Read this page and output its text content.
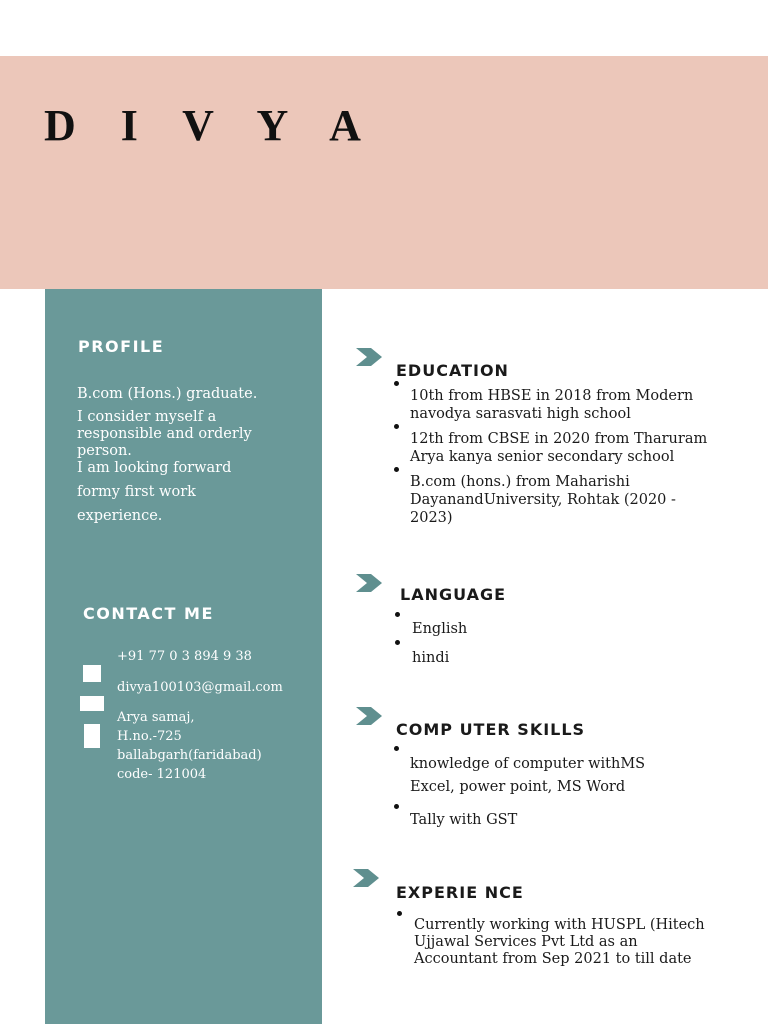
D I V Y A
PROFILE

B.com (Hons.) graduate.

I consider myself a

responsible and orderly

person.

I am looking forward

formy first work

experience.

CONTACT ME
+91 77 0 3 894 9 38
divya100103@gmail.com
Arya samaj,
H.no.-725
ballabgarh(faridabad)
code- 121004
EDUCATION
10th from HBSE in 2018 from Modern
navodya sarasvati high school
12th from CBSE in 2020 from Tharuram
Arya kanya senior secondary school
B.com (hons.) from Maharishi
DayanandUniversity, Rohtak (2020 -
2023)
LANGUAGE
English
hindi
COMP UTER SKILLS
knowledge of computer withMS
Excel, power point, MS Word
Tally with GST
EXPERIE NCE
Currently working with HUSPL (Hitech
Ujjawal Services Pvt Ltd as an
Accountant from Sep 2021 to till date
